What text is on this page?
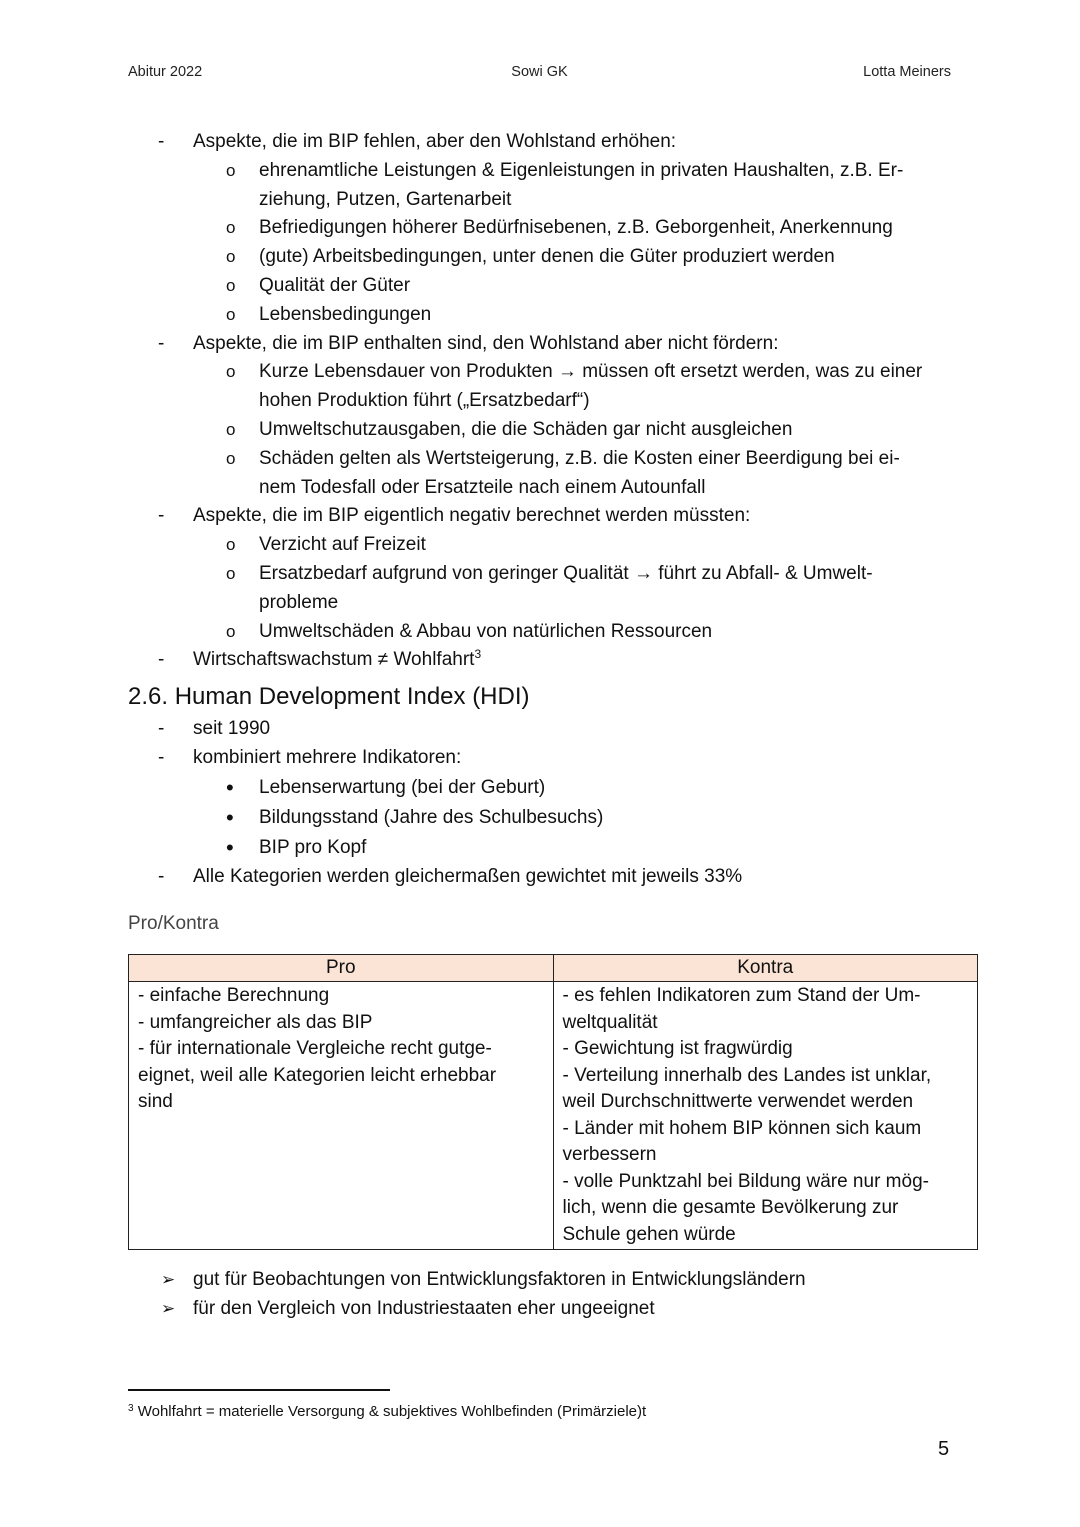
Abitur 2022	Sowi GK	Lotta Meiners
- Aspekte, die im BIP fehlen, aber den Wohlstand erhöhen:
o ehrenamtliche Leistungen & Eigenleistungen in privaten Haushalten, z.B. Er-
ziehung, Putzen, Gartenarbeit
o Befriedigungen höherer Bedürfnisebenen, z.B. Geborgenheit, Anerkennung
o (gute) Arbeitsbedingungen, unter denen die Güter produziert werden
o Qualität der Güter
o Lebensbedingungen
- Aspekte, die im BIP enthalten sind, den Wohlstand aber nicht fördern:
o Kurze Lebensdauer von Produkten → müssen oft ersetzt werden, was zu einer
hohen Produktion führt („Ersatzbedarf“)
o Umweltschutzausgaben, die die Schäden gar nicht ausgleichen
o Schäden gelten als Wertsteigerung, z.B. die Kosten einer Beerdigung bei ei-
nem Todesfall oder Ersatzteile nach einem Autounfall
- Aspekte, die im BIP eigentlich negativ berechnet werden müssten:
o Verzicht auf Freizeit
o Ersatzbedarf aufgrund von geringer Qualität → führt zu Abfall- & Umwelt-
probleme
o Umweltschäden & Abbau von natürlichen Ressourcen
- Wirtschaftswachstum ≠ Wohlfahrt$^3$
2.6. Human Development Index (HDI)
- seit 1990
- kombiniert mehrere Indikatoren:
• Lebenserwartung (bei der Geburt)
• Bildungsstand (Jahre des Schulbesuchs)
• BIP pro Kopf
- Alle Kategorien werden gleichermaßen gewichtet mit jeweils 33%
Pro/Kontra
Pro	Kontra

- einfache Berechnung
- umfangreicher als das BIP
- für internationale Vergleiche recht gutge-
eignet, weil alle Kategorien leicht erhebbar
sind

- es fehlen Indikatoren zum Stand der Um-
weltqualität
- Gewichtung ist fragwürdig
- Verteilung innerhalb des Landes ist unklar,
weil Durchschnittwerte verwendet werden
- Länder mit hohem BIP können sich kaum
verbessern
- volle Punktzahl bei Bildung wäre nur mög-
lich, wenn die gesamte Bevölkerung zur
Schule gehen würde
➢ gut für Beobachtungen von Entwicklungsfaktoren in Entwicklungsländern
➢ für den Vergleich von Industriestaaten eher ungeeignet
$^3$ Wohlfahrt = materielle Versorgung & subjektives Wohlbefinden (Primärziele)t
5
